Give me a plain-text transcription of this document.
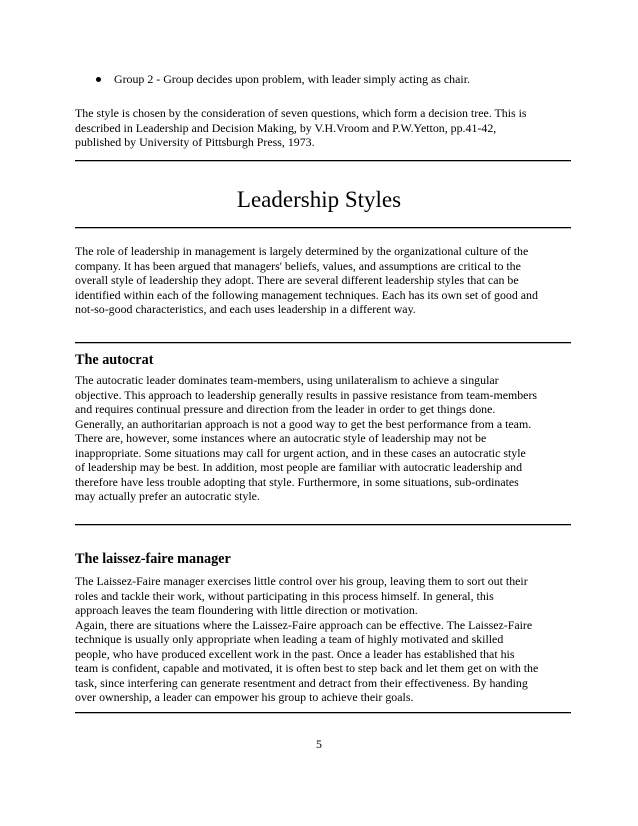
Group 2 - Group decides upon problem, with leader simply acting as chair.

The style is chosen by the consideration of seven questions, which form a decision tree. This is

described in Leadership and Decision Making, by V.H.Vroom and P.W.Yetton, pp.41-42,

published by University of Pittsburgh Press, 1973.

Leadership Styles

The role of leadership in management is largely determined by the organizational culture of the

company. It has been argued that managers' beliefs, values, and assumptions are critical to the

overall style of leadership they adopt. There are several different leadership styles that can be

identified within each of the following management techniques. Each has its own set of good and

not-so-good characteristics, and each uses leadership in a different way.

The autocrat

The autocratic leader dominates team-members, using unilateralism to achieve a singular

objective. This approach to leadership generally results in passive resistance from team-members

and requires continual pressure and direction from the leader in order to get things done.

Generally, an authoritarian approach is not a good way to get the best performance from a team.

There are, however, some instances where an autocratic style of leadership may not be

inappropriate. Some situations may call for urgent action, and in these cases an autocratic style

of leadership may be best. In addition, most people are familiar with autocratic leadership and

therefore have less trouble adopting that style. Furthermore, in some situations, sub-ordinates

may actually prefer an autocratic style.

The laissez-faire manager

The Laissez-Faire manager exercises little control over his group, leaving them to sort out their

roles and tackle their work, without participating in this process himself. In general, this

approach leaves the team floundering with little direction or motivation.

Again, there are situations where the Laissez-Faire approach can be effective. The Laissez-Faire

technique is usually only appropriate when leading a team of highly motivated and skilled

people, who have produced excellent work in the past. Once a leader has established that his

team is confident, capable and motivated, it is often best to step back and let them get on with the

task, since interfering can generate resentment and detract from their effectiveness. By handing

over ownership, a leader can empower his group to achieve their goals.

5
